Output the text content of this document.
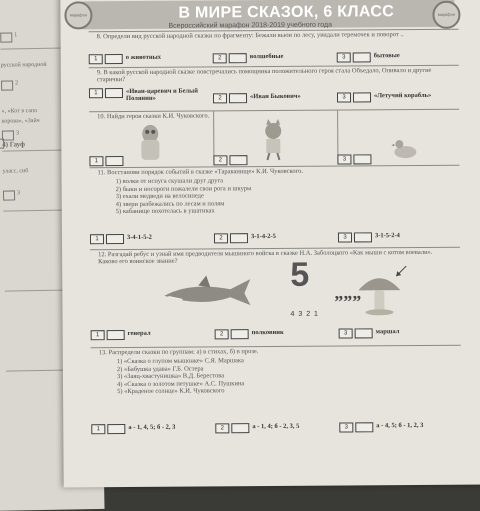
1
русской народной
2
корова», «Зайч
3
», «Кот в сапо
4) Гауф
уласс, сиб
3
марафон	В МИРЕ СКАЗОК, 6 КЛАСС
Всероссийский марафон 2018-2019 учебного года
марафон
8. Определи вид русской народной сказки по фрагменту: Бежали вьюи по лесу, увидали теремочек и поворот ..
1	о животных	2	волшебные	3	бытовые
9. В какой русской народной сказке повстречались помощника положительного героя стала Объедало, Опивало и другие старички?
1	«Иван-царевич и Белый Полянин»	2	«Иван Быкович»	3	«Летучий корабль»
10. Найди героя сказки К.И. Чуковского.
1	2	3
11. Восстанови порядок событий в сказке «Тараканище» К.И. Чуковского.
1) волки от испуга скушали друг друга
2) быки и носороги пожалели свои рога и шкуры
3) ехали медведи на велосипеде
4) звери разбежались по лесам и полям
5) кабанище похотелась в ушатиках
1	3-4-1-5-2	2	3-1-4-2-5	3	3-1-5-2-4
12. Разгадай ребус и узнай имя предводителя мышиного войска в сказке Н.А. Заболоцкого «Как мыши с котом воевали». Каково его воинское звание?	5
4 3 2 1
„„„
1	генерал	2	полковник	3	маршал
13. Распредели сказки по группам: а) в стихах, б) в прозе.
1) «Сказка о глупом мышонке» С.Я. Маршака
2) «Бабушка удава» Г.Б. Остера
3) «Заяц-хвастунишка» В.Д. Берестова
4) «Сказка о золотом петушке» А.С. Пушкина
5) «Краденое солнце» К.И. Чуковского
1	а - 1, 4, 5; б - 2, 3	2	а - 1, 4; б - 2, 3, 5	3	а - 4, 5; б - 1, 2, 3
